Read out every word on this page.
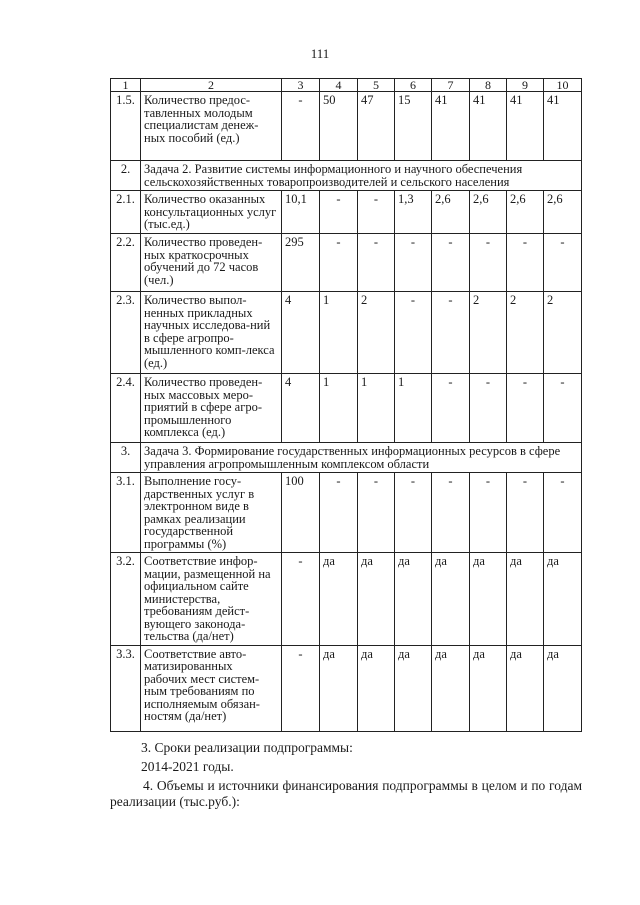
111
1	2	3	4	5	6	7	8	9	10
1.5.	Количество предос-тавленных молодым специалистам денеж-ных пособий (ед.)	-	50	47	15	41	41	41	41
2.	Задача 2. Развитие системы информационного и научного обеспечения сельскохозяйственных товаропроизводителей и сельского населения								
2.1.	Количество оказанных консультационных услуг (тыс.ед.)	10,1	-	-	1,3	2,6	2,6	2,6	2,6
2.2.	Количество проведен-ных краткосрочных обучений до 72 часов (чел.)	295	-	-	-	-	-	-	-
2.3.	Количество выпол-ненных прикладных научных исследова-ний в сфере агропро-мышленного комп-лекса (ед.)	4	1	2	-	-	2	2	2
2.4.	Количество проведен-ных массовых меро-приятий в сфере агро-промышленного комплекса (ед.)	4	1	1	1	-	-	-	-
3.	Задача 3. Формирование государственных информационных ресурсов в сфере управления агропромышленным комплексом области								
3.1.	Выполнение госу-дарственных услуг в электронном виде в рамках реализации государственной программы (%)	100	-	-	-	-	-	-	-
3.2.	Соответствие инфор-мации, размещенной на официальном сайте министерства, требованиям дейст-вующего законода-тельства (да/нет)	-	да	да	да	да	да	да	да
3.3.	Соответствие авто-матизированных рабочих мест систем-ным требованиям по исполняемым обязан-ностям (да/нет)	-	да	да	да	да	да	да	да
3. Сроки реализации подпрограммы:
2014-2021 годы.
4. Объемы и источники финансирования подпрограммы в целом и по годам реализации (тыс.руб.):
